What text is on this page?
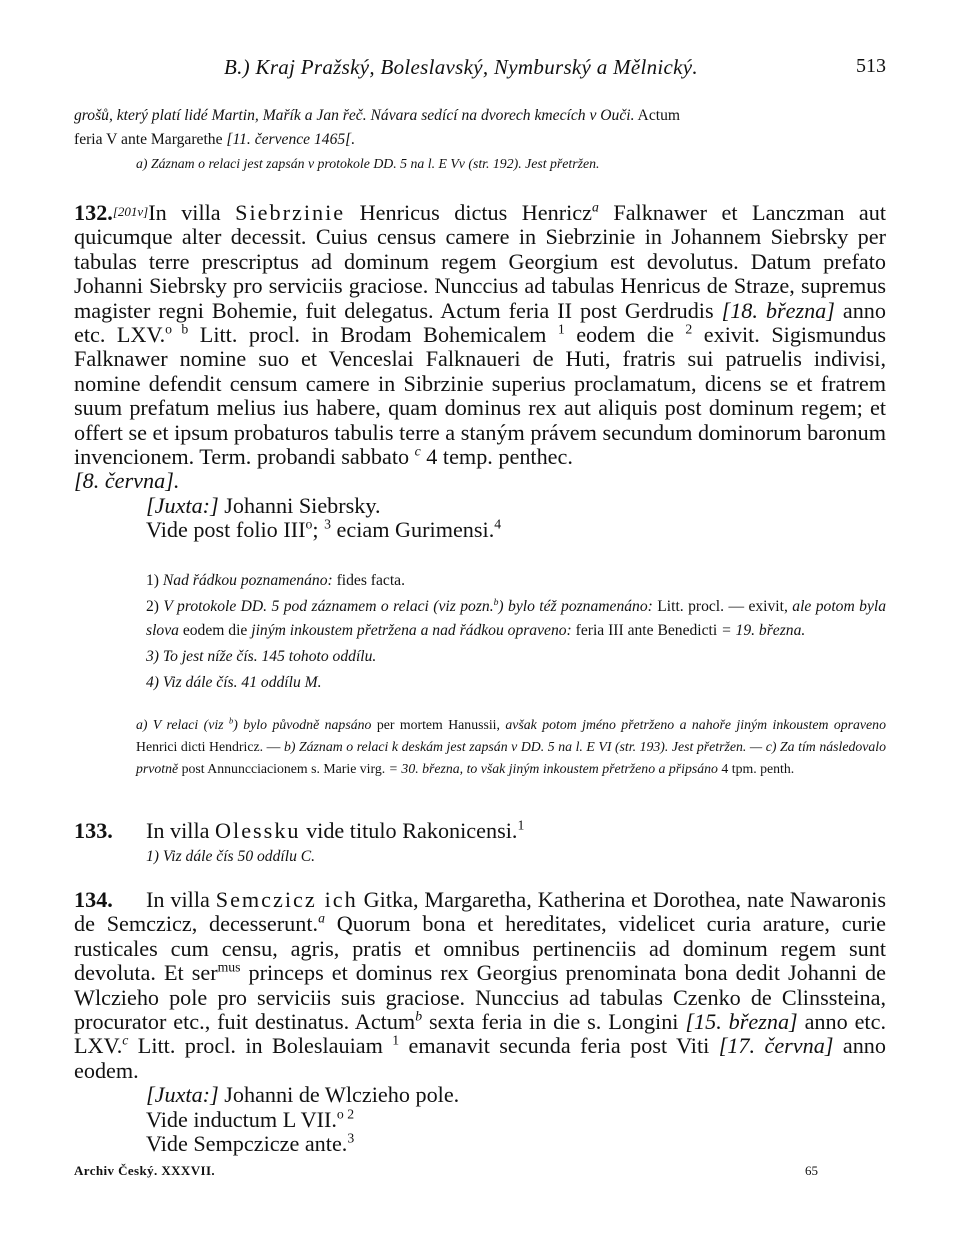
B.) Kraj Pražský, Boleslavský, Nymburský a Mělnický.	513

grošů, který platí lidé Martin, Mařík a Jan řeč. Návara sedící na dvorech kmecích v Ouči. Actum

feria V ante Margarethe [11. července 1465[.

a) Záznam o relaci jest zapsán v protokole DD. 5 na l. E Vv (str. 192). Jest přetržen.

132.[201v]In villa Siebrzinie Henricus dictus Henricz$^a$ Falknawer et Lanczman aut quicumque alter decessit. Cuius census camere in Siebrzinie in Johannem Siebrsky per tabulas terre prescriptus ad dominum regem Georgium est devolutus. Datum prefato Johanni Siebrsky pro serviciis graciose. Nunccius ad tabulas Henricus de Straze, supremus magister regni Bohemie, fuit delegatus. Actum feria II post Gerdrudis [18. března] anno etc. LXV.$^{o b}$ Litt. procl. in Brodam Bohemicalem $^1$ eodem die $^2$ exivit. Sigismundus Falknawer nomine suo et Venceslai Falknaueri de Huti, fratris sui patruelis indivisi, nomine defendit censum camere in Sibrzinie superius proclamatum, dicens se et fratrem suum prefatum melius ius habere, quam dominus rex aut aliquis post dominum regem; et offert se et ipsum probaturos tabulis terre a staným právem secundum dominorum baronum invencionem. Term. probandi sabbato $^c$ 4 temp. penthec.

[8. června].

[Juxta:] Johanni Siebrsky.

Vide post folio III$^o$; $^3$ eciam Gurimensi.$^4$

1) Nad řádkou poznamenáno: fides facta.

2) V protokole DD. 5 pod záznamem o relaci (viz pozn.$^b$) bylo též poznamenáno: Litt. procl. — exivit, ale potom byla slova eodem die jiným inkoustem přetržena a nad řádkou opraveno: feria III ante Benedicti = 19. března.

3) To jest níže čís. 145 tohoto oddílu.

4) Viz dále čís. 41 oddílu M.

a) V relaci (viz $^b$) bylo původně napsáno per mortem Hanussii, avšak potom jméno přetrženo a nahoře jiným inkoustem opraveno Henrici dicti Hendricz. — b) Záznam o relaci k deskám jest zapsán v DD. 5 na l. E VI (str. 193). Jest přetržen. — c) Za tím následovalo prvotně post Annuncciacionem s. Marie virg. = 30. března, to však jiným inkoustem přetrženo a připsáno 4 tpm. penth.

133. In villa Olessku vide titulo Rakonicensi.$^1$

1) Viz dále čís 50 oddílu C.

134. In villa Semczicz ich Gitka, Margaretha, Katherina et Dorothea, nate Nawaronis de Semczicz, decesserunt.$^a$ Quorum bona et hereditates, videlicet curia arature, curie rusticales cum censu, agris, pratis et omnibus pertinenciis ad dominum regem sunt devoluta. Et ser$^{mus}$ princeps et dominus rex Georgius prenominata bona dedit Johanni de Wlczieho pole pro serviciis suis graciose. Nunccius ad tabulas Czenko de Clinssteina, procurator etc., fuit destinatus. Actum$^b$ sexta feria in die s. Longini [15. března] anno etc. LXV.$^c$ Litt. procl. in Boleslauiam $^1$ emanavit secunda feria post Viti [17. června] anno eodem.

[Juxta:] Johanni de Wlczieho pole.

Vide inductum L VII.$^{o 2}$

Vide Sempczicze ante.$^3$

Archiv Český. XXXVII.	65
